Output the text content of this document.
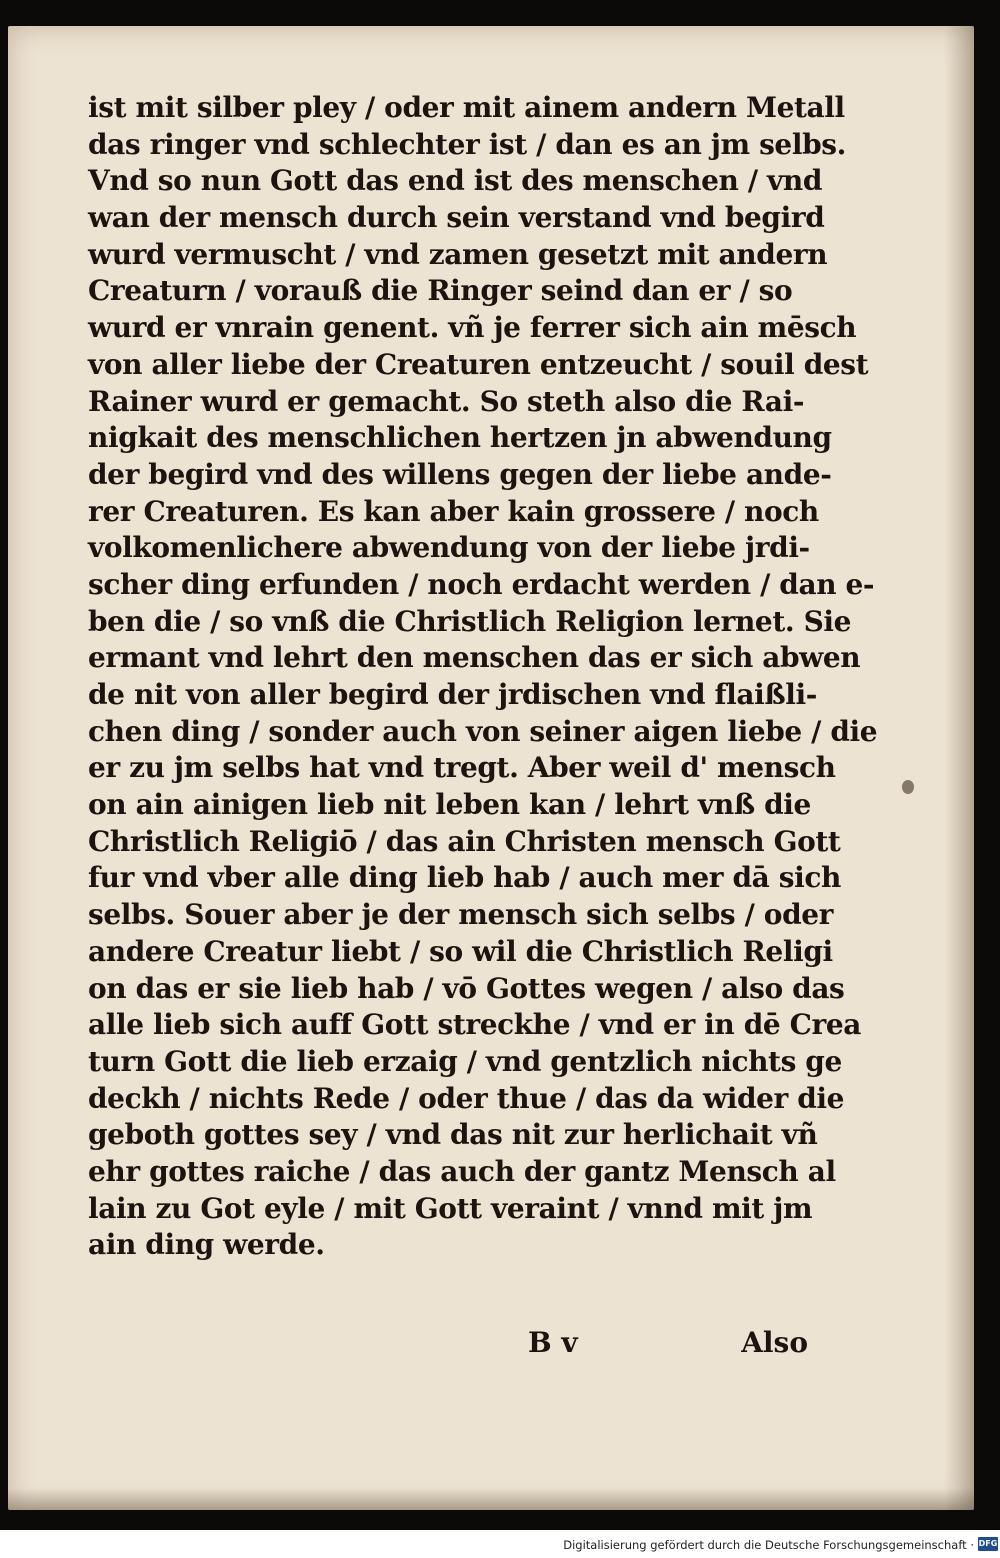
ist mit silber pley / oder mit ainem andern Metall
das ringer vnd schlechter ist / dan es an jm selbs.
Vnd so nun Gott das end ist des menschen / vnd
wan der mensch durch sein verstand vnd begird
wurd vermuscht / vnd zamen gesetzt mit andern
Creaturn / vorauß die Ringer seind dan er / so
wurd er vnrain genent. vñ je ferrer sich ain mēsch
von aller liebe der Creaturen entzeucht / souil dest
Rainer wurd er gemacht. So steth also die Rai-
nigkait des menschlichen hertzen jn abwendung
der begird vnd des willens gegen der liebe ande-
rer Creaturen. Es kan aber kain grossere / noch
volkomenlichere abwendung von der liebe jrdi-
scher ding erfunden / noch erdacht werden / dan e-
ben die / so vnß die Christlich Religion lernet. Sie
ermant vnd lehrt den menschen das er sich abwen
de nit von aller begird der jrdischen vnd flaißli-
chen ding / sonder auch von seiner aigen liebe / die
er zu jm selbs hat vnd tregt. Aber weil d' mensch
on ain ainigen lieb nit leben kan / lehrt vnß die
Christlich Religiō / das ain Christen mensch Gott
fur vnd vber alle ding lieb hab / auch mer dā sich
selbs. Souer aber je der mensch sich selbs / oder
andere Creatur liebt / so wil die Christlich Religi
on das er sie lieb hab / vō Gottes wegen / also das
alle lieb sich auff Gott streckhe / vnd er in dē Crea
turn Gott die lieb erzaig / vnd gentzlich nichts ge
deckh / nichts Rede / oder thue / das da wider die
geboth gottes sey / vnd das nit zur herlichait vñ
ehr gottes raiche / das auch der gantz Mensch al
lain zu Got eyle / mit Gott veraint / vnnd mit jm
ain ding werde.
B v	Also
Digitalisierung gefördert durch die Deutsche Forschungsgemeinschaft · DFG
